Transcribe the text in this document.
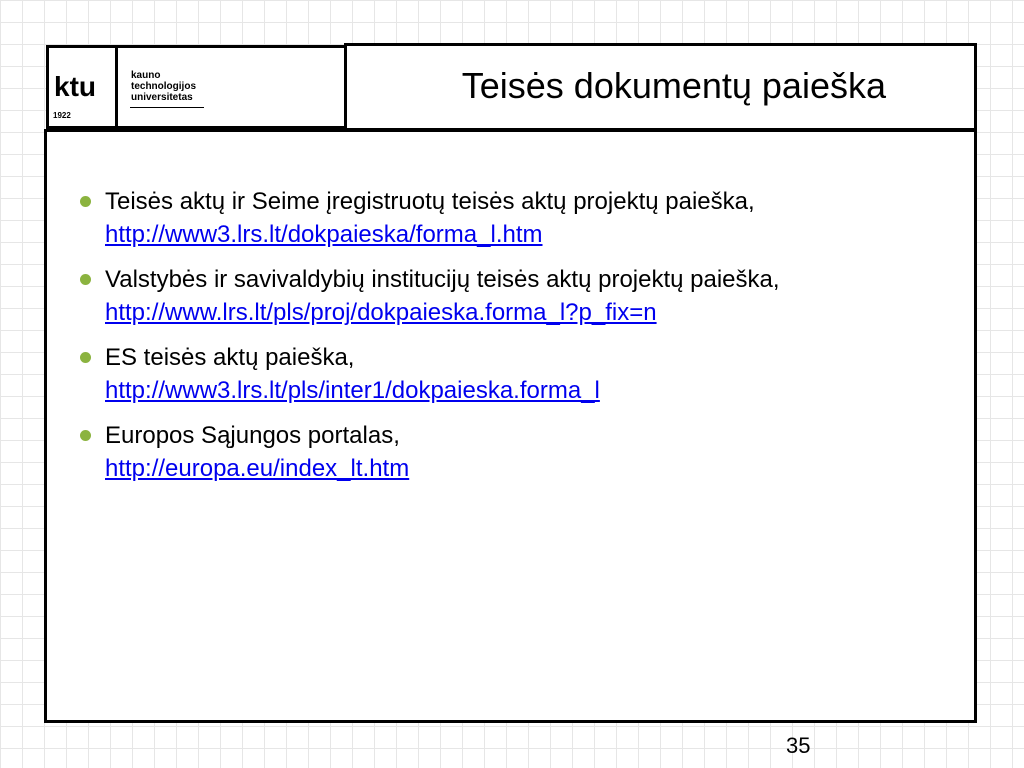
ktu
1922
kauno
technologijos
universitetas	Teisės dokumentų paieška
Teisės aktų ir Seime įregistruotų teisės aktų projektų paieška, http://www3.lrs.lt/dokpaieska/forma_l.htm
Valstybės ir savivaldybių institucijų teisės aktų projektų paieška,
http://www.lrs.lt/pls/proj/dokpaieska.forma_l?p_fix=n
ES teisės aktų paieška,
http://www3.lrs.lt/pls/inter1/dokpaieska.forma_l
Europos Sąjungos portalas,
http://europa.eu/index_lt.htm
35
